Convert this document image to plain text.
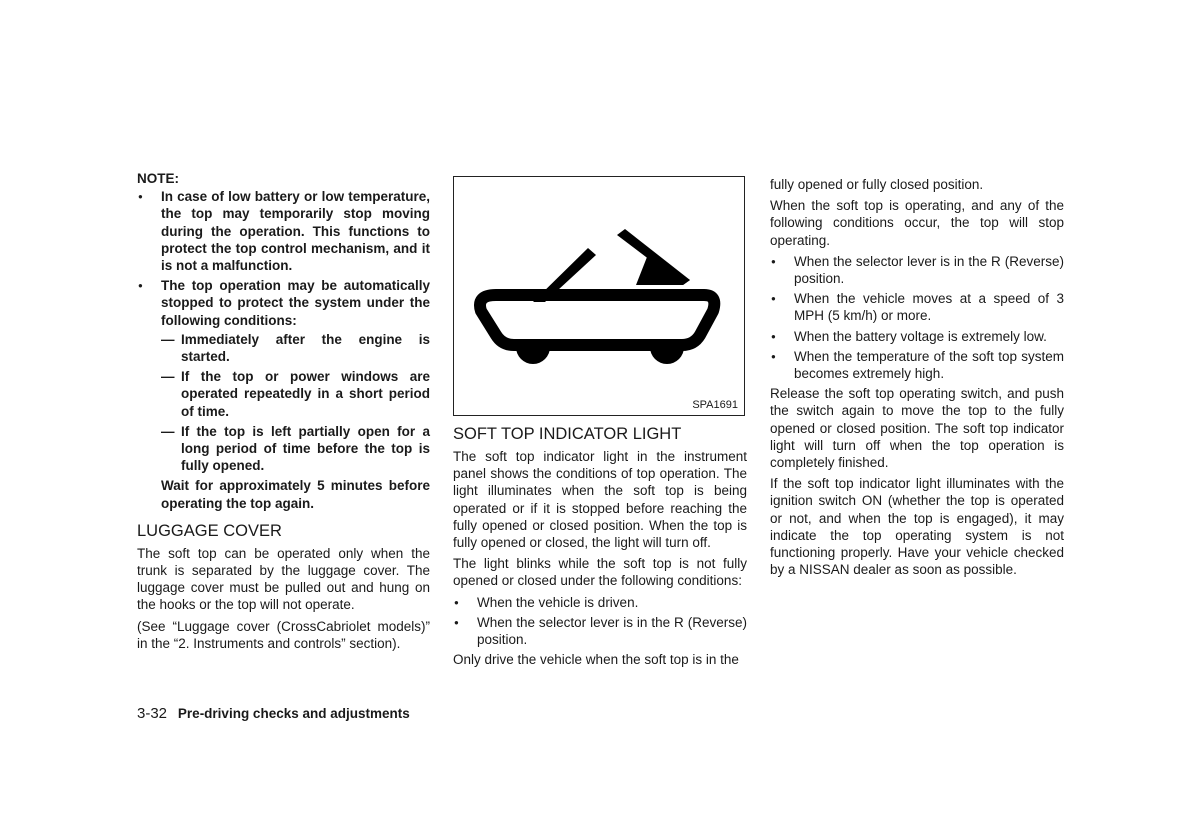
NOTE:
● In case of low battery or low temperature, the top may temporarily stop moving during the operation. This functions to protect the top control mechanism, and it is not a malfunction.
● The top operation may be automatically stopped to protect the system under the following conditions:
— Immediately after the engine is started.
— If the top or power windows are operated repeatedly in a short period of time.
— If the top is left partially open for a long period of time before the top is fully opened.

Wait for approximately 5 minutes before operating the top again.

LUGGAGE COVER

The soft top can be operated only when the trunk is separated by the luggage cover. The luggage cover must be pulled out and hung on the hooks or the top will not operate.

(See “Luggage cover (CrossCabriolet models)” in the “2. Instruments and controls” section).

SPA1691
SOFT TOP INDICATOR LIGHT

The soft top indicator light in the instrument panel shows the conditions of top operation. The light illuminates when the soft top is being operated or if it is stopped before reaching the fully opened or closed position. When the top is fully opened or closed, the light will turn off.

The light blinks while the soft top is not fully opened or closed under the following conditions:

● When the vehicle is driven.
● When the selector lever is in the R (Reverse) position.

Only drive the vehicle when the soft top is in the

fully opened or fully closed position.

When the soft top is operating, and any of the following conditions occur, the top will stop operating.

● When the selector lever is in the R (Reverse) position.
● When the vehicle moves at a speed of 3 MPH (5 km/h) or more.
● When the battery voltage is extremely low.
● When the temperature of the soft top system becomes extremely high.

Release the soft top operating switch, and push the switch again to move the top to the fully opened or closed position. The soft top indicator light will turn off when the top operation is completely finished.

If the soft top indicator light illuminates with the ignition switch ON (whether the top is operated or not, and when the top is engaged), it may indicate the top operating system is not functioning properly. Have your vehicle checked by a NISSAN dealer as soon as possible.

3-32 Pre-driving checks and adjustments
